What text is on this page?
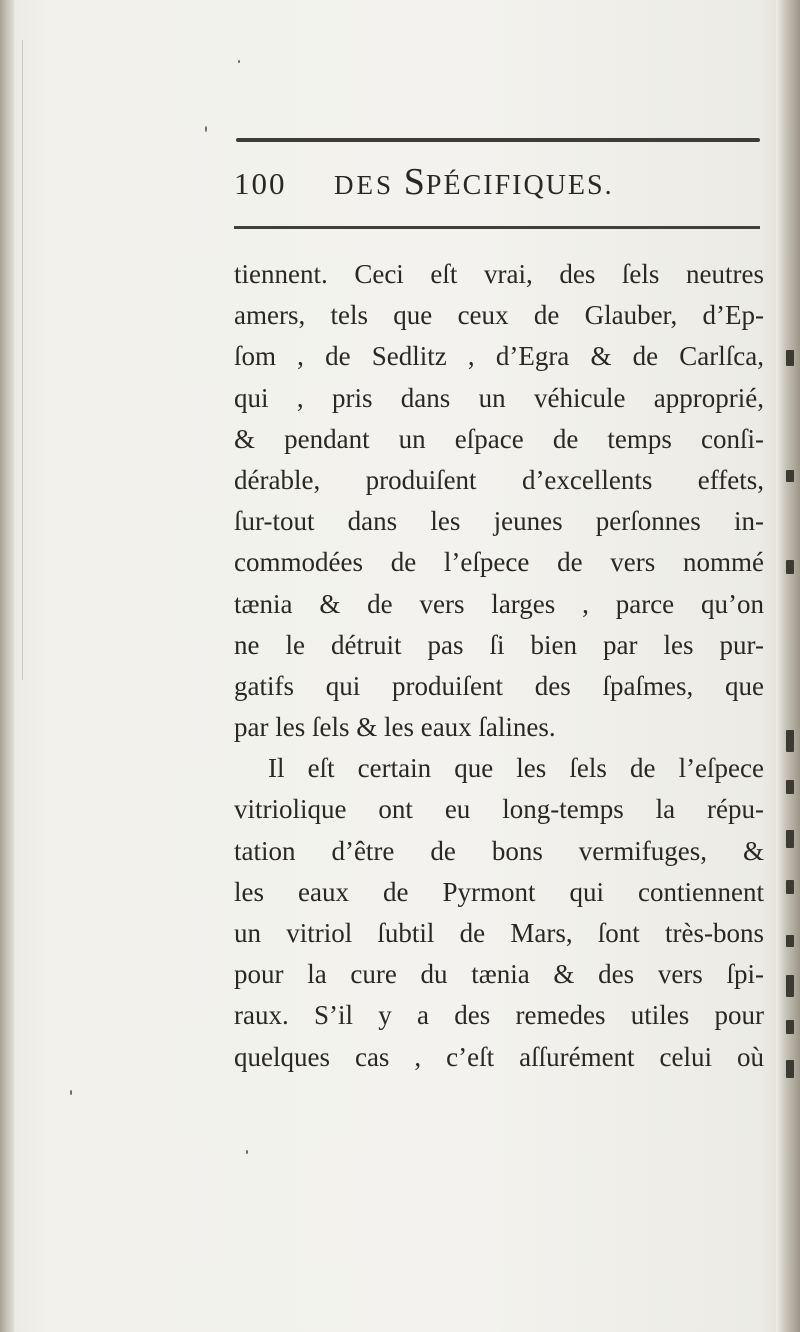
100 DES SPÉCIFIQUES.
tiennent. Ceci eſt vrai, des ſels neutres
amers, tels que ceux de Glauber, d’Ep-
ſom , de Sedlitz , d’Egra & de Carlſca,
qui , pris dans un véhicule approprié,
& pendant un eſpace de temps conſi-
dérable, produiſent d’excellents effets,
ſur-tout dans les jeunes perſonnes in-
commodées de l’eſpece de vers nommé
tænia & de vers larges , parce qu’on
ne le détruit pas ſi bien par les pur-
gatifs qui produiſent des ſpaſmes, que
par les ſels & les eaux ſalines.
Il eſt certain que les ſels de l’eſpece
vitriolique ont eu long-temps la répu-
tation d’être de bons vermifuges, &
les eaux de Pyrmont qui contiennent
un vitriol ſubtil de Mars, ſont très-bons
pour la cure du tænia & des vers ſpi-
raux. S’il y a des remedes utiles pour
quelques cas , c’eſt aſſurément celui où
